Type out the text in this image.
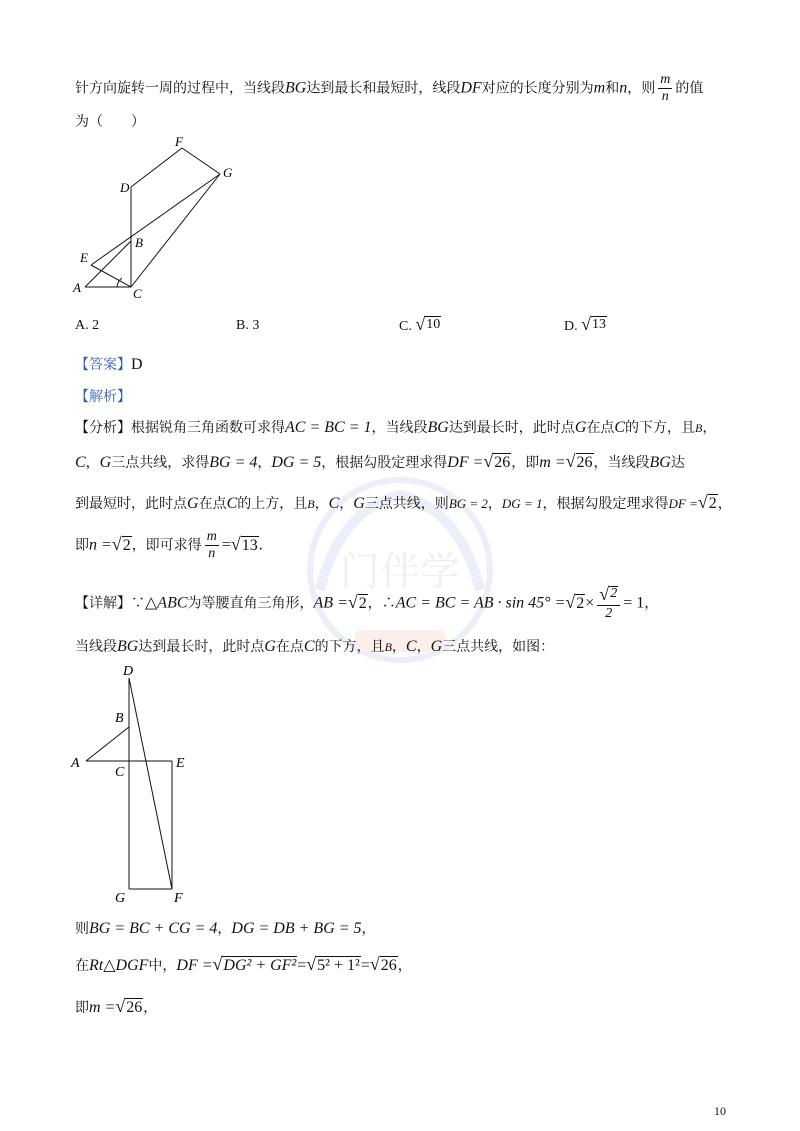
门伴学
针方向旋转一周的过程中，当线段BG达到最长和最短时，线段DF对应的长度分别为m和n，则 $\frac{m}{n}$ 的值
为（　　）
F
G
D
B
E
A	C
A. 2	B. 3	C. √ 10	D. √ 13
【答案】D
【解析】
【分析】根据锐角三角函数可求得AC = BC = 1，当线段BG达到最长时，此时点G在点C的下方，且B，
C，G三点共线，求得BG = 4，DG = 5，根据勾股定理求得DF = √ 26 ，即m = √ 26 ，当线段BG达
到最短时，此时点G在点C的上方，且B，C，G三点共线，则BG = 2，DG = 1，根据勾股定理求得DF = √ 2 ，
即n = √ 2 ，即可求得 $\frac{m}{n}$ = √ 13 .
【详解】∵△ABC为等腰直角三角形，AB = √ 2 ，∴AC = BC = AB · sin 45° = √ $2 \times \frac{√ 2}{2} = 1$，
当线段BG达到最长时，此时点G在点C的下方，且B，C，G三点共线，如图：
D
B
A
C
E
G	F
则BG = BC + CG = 4，DG = DB + BG = 5，
在Rt△DGF中，DF = √ DG² + GF² = √ 5² + 1² = √ 26 ，
即m = √ 26 ，
10
